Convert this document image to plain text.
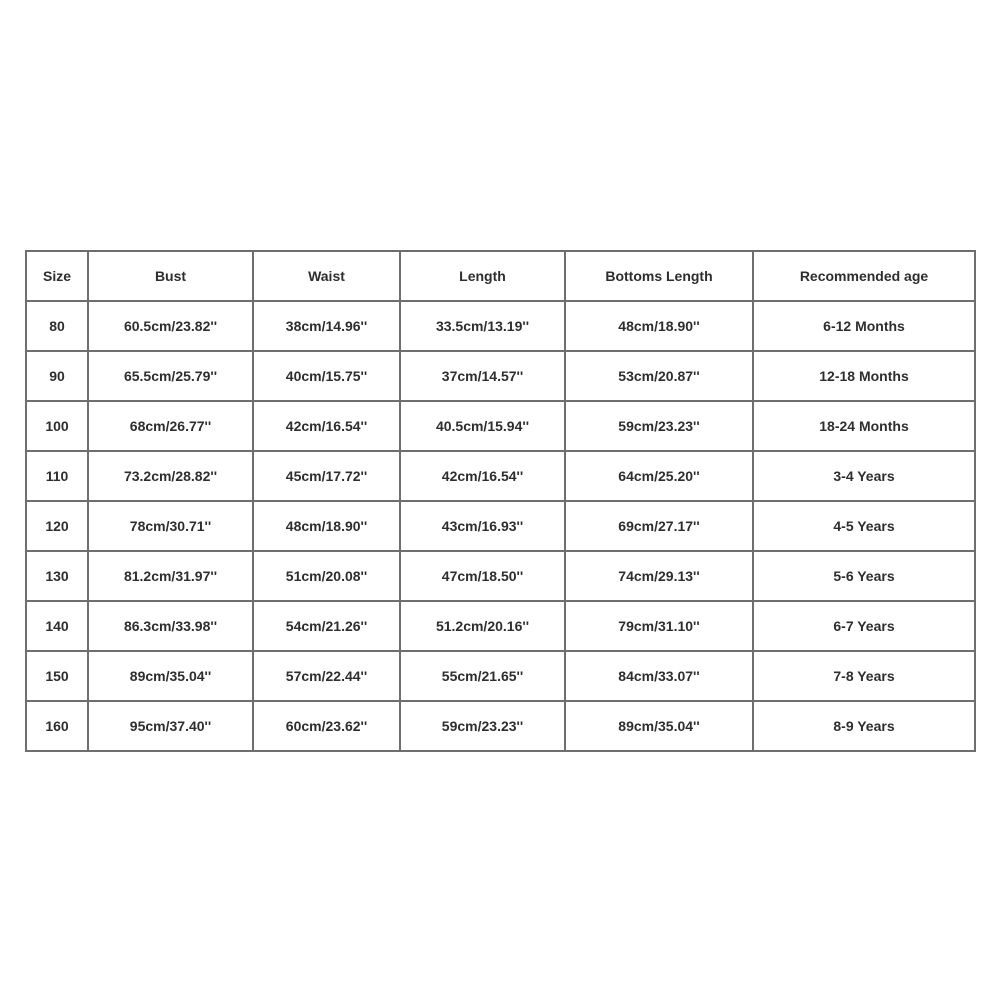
Size	Bust	Waist	Length	Bottoms Length	Recommended age
80	60.5cm/23.82''	38cm/14.96''	33.5cm/13.19''	48cm/18.90''	6-12 Months
90	65.5cm/25.79''	40cm/15.75''	37cm/14.57''	53cm/20.87''	12-18 Months
100	68cm/26.77''	42cm/16.54''	40.5cm/15.94''	59cm/23.23''	18-24 Months
110	73.2cm/28.82''	45cm/17.72''	42cm/16.54''	64cm/25.20''	3-4 Years
120	78cm/30.71''	48cm/18.90''	43cm/16.93''	69cm/27.17''	4-5 Years
130	81.2cm/31.97''	51cm/20.08''	47cm/18.50''	74cm/29.13''	5-6 Years
140	86.3cm/33.98''	54cm/21.26''	51.2cm/20.16''	79cm/31.10''	6-7 Years
150	89cm/35.04''	57cm/22.44''	55cm/21.65''	84cm/33.07''	7-8 Years
160	95cm/37.40''	60cm/23.62''	59cm/23.23''	89cm/35.04''	8-9 Years
